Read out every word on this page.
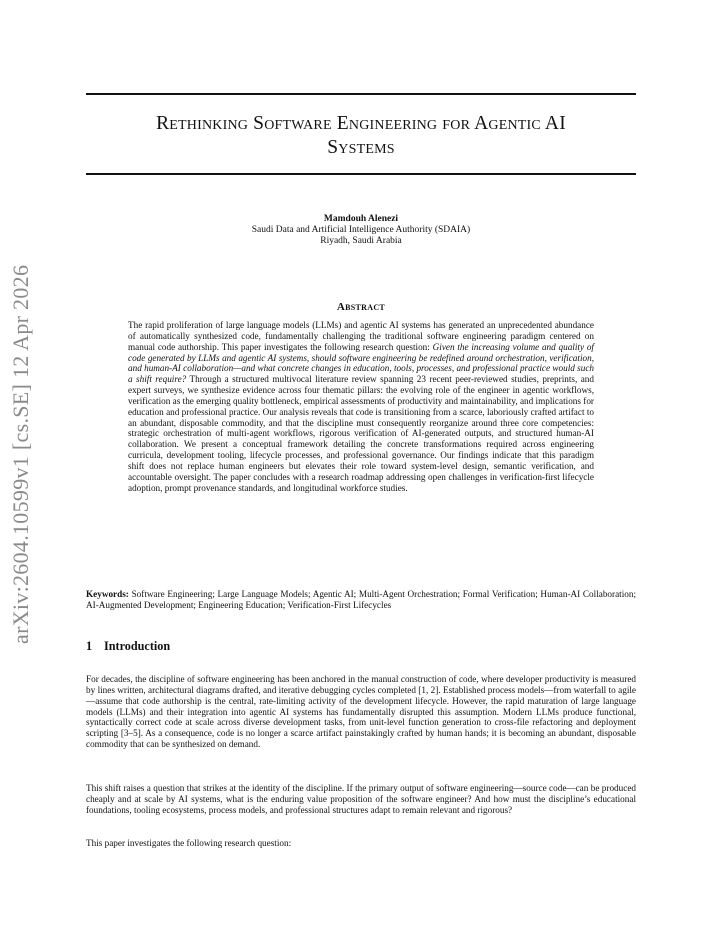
arXiv:2604.10599v1 [cs.SE] 12 Apr 2026
Rethinking Software Engineering for Agentic AI
Systems
Mamdouh Alenezi
Saudi Data and Artificial Intelligence Authority (SDAIA)
Riyadh, Saudi Arabia
Abstract
The rapid proliferation of large language models (LLMs) and agentic AI systems has generated an unprecedented abundance of automatically synthesized code, fundamentally challenging the traditional software engineering paradigm centered on manual code authorship. This paper investigates the following research question: Given the increasing volume and quality of code generated by LLMs and agentic AI systems, should software engineering be redefined around orchestration, verification, and human-AI collaboration—and what concrete changes in education, tools, processes, and professional practice would such a shift require? Through a structured multivocal literature review spanning 23 recent peer-reviewed studies, preprints, and expert surveys, we synthesize evidence across four thematic pillars: the evolving role of the engineer in agentic workflows, verification as the emerging quality bottleneck, empirical assessments of productivity and maintainability, and implications for education and professional practice. Our analysis reveals that code is transitioning from a scarce, laboriously crafted artifact to an abundant, disposable commodity, and that the discipline must consequently reorganize around three core competencies: strategic orchestration of multi-agent workflows, rigorous verification of AI-generated outputs, and structured human-AI collaboration. We present a conceptual framework detailing the concrete transformations required across engineering curricula, development tooling, lifecycle processes, and professional governance. Our findings indicate that this paradigm shift does not replace human engineers but elevates their role toward system-level design, semantic verification, and accountable oversight. The paper concludes with a research roadmap addressing open challenges in verification-first lifecycle adoption, prompt provenance standards, and longitudinal workforce studies.
Keywords: Software Engineering; Large Language Models; Agentic AI; Multi-Agent Orchestration; Formal Verification; Human-AI Collaboration; AI-Augmented Development; Engineering Education; Verification-First Lifecycles
1 Introduction

For decades, the discipline of software engineering has been anchored in the manual construction of code, where developer productivity is measured by lines written, architectural diagrams drafted, and iterative debugging cycles completed [1, 2]. Established process models—from waterfall to agile—assume that code authorship is the central, rate-limiting activity of the development lifecycle. However, the rapid maturation of large language models (LLMs) and their integration into agentic AI systems has fundamentally disrupted this assumption. Modern LLMs produce functional, syntactically correct code at scale across diverse development tasks, from unit-level function generation to cross-file refactoring and deployment scripting [3–5]. As a consequence, code is no longer a scarce artifact painstakingly crafted by human hands; it is becoming an abundant, disposable commodity that can be synthesized on demand.

This shift raises a question that strikes at the identity of the discipline. If the primary output of software engineering—source code—can be produced cheaply and at scale by AI systems, what is the enduring value proposition of the software engineer? And how must the discipline’s educational foundations, tooling ecosystems, process models, and professional structures adapt to remain relevant and rigorous?

This paper investigates the following research question:
